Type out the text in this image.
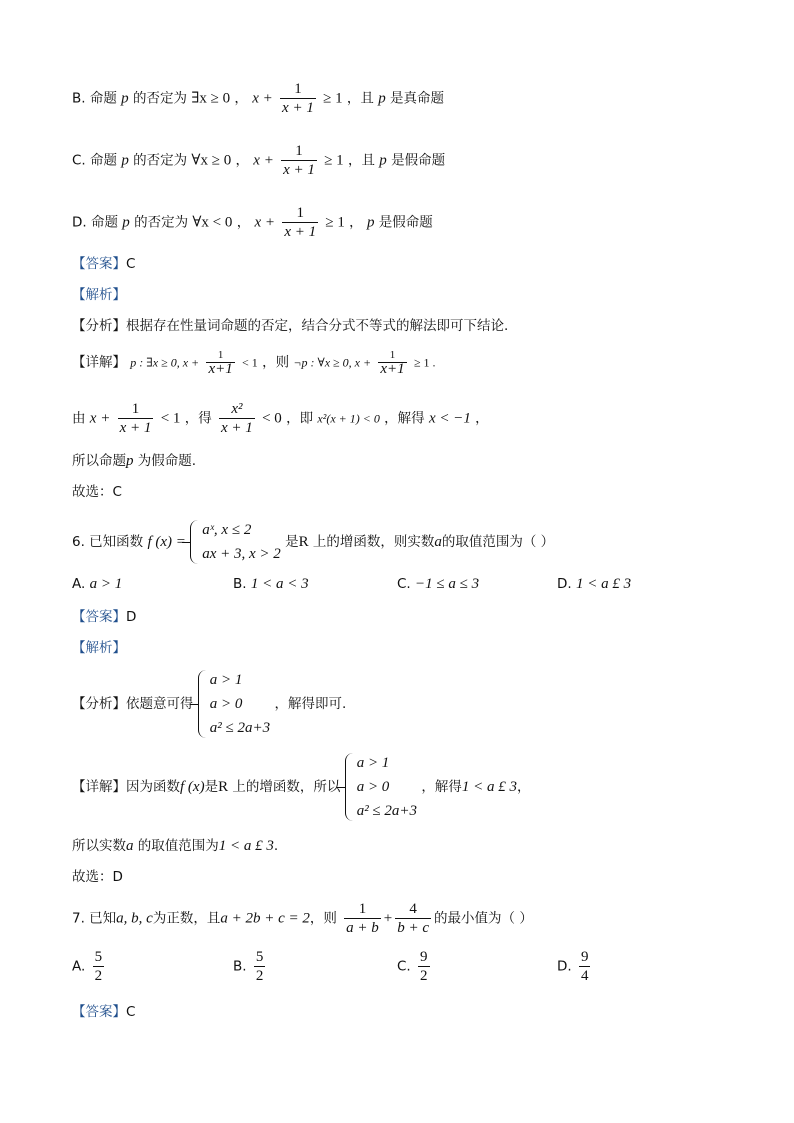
B. 命题 p 的否定为 ∃x ≥ 0 ， $x + \frac{1}{x + 1} \ge 1$ ，且 p 是真命题
C. 命题 p 的否定为 ∀x ≥ 0 ， $x + \frac{1}{x + 1} \ge 1$ ，且 p 是假命题
D. 命题 p 的否定为 ∀x < 0 ， $x + \frac{1}{x + 1} \ge 1$ ， p 是假命题
【答案】C
【解析】
【分析】根据存在性量词命题的否定，结合分式不等式的解法即可下结论.
【详解】 p : ∃x ≥ 0, $x + \frac{1}{x+1} < 1$ ，则 ¬p : ∀x ≥ 0, $x + \frac{1}{x+1} \ge 1$ .
由 $x + \frac{1}{x + 1} < 1$ ，得 $\frac{\text{x²}}{x + 1} < 0$ ，即 x²(x + 1) < 0 ，解得 x < −1 ，
所以命题p 为假命题.
故选：C
6. 已知函数 f (x) =
aˣ, x ≤ 2
ax + 3, x > 2
是R 上的增函数，则实数a的取值范围为（ ）
A. a > 1	B. 1 < a < 3	C. −1 ≤ a ≤ 3	D. 1 < a £ 3
【答案】D
【解析】
【分析】依题意可得
a > 1
a > 0
a² ≤ 2a+3
，解得即可.
【详解】因为函数f (x)是R 上的增函数，所以
a > 1
a > 0
a² ≤ 2a+3
，解得1 < a £ 3，
所以实数a 的取值范围为1 < a £ 3.
故选：D
7. 已知a, b, c为正数，且a + 2b + c = 2，则 $\frac{1}{a + b} + \frac{4}{b + c}$ 的最小值为（ ）
A. $\frac{5}{2}$	B. $\frac{5}{2}$	C. $\frac{9}{2}$	D. $\frac{9}{4}$
【答案】C
